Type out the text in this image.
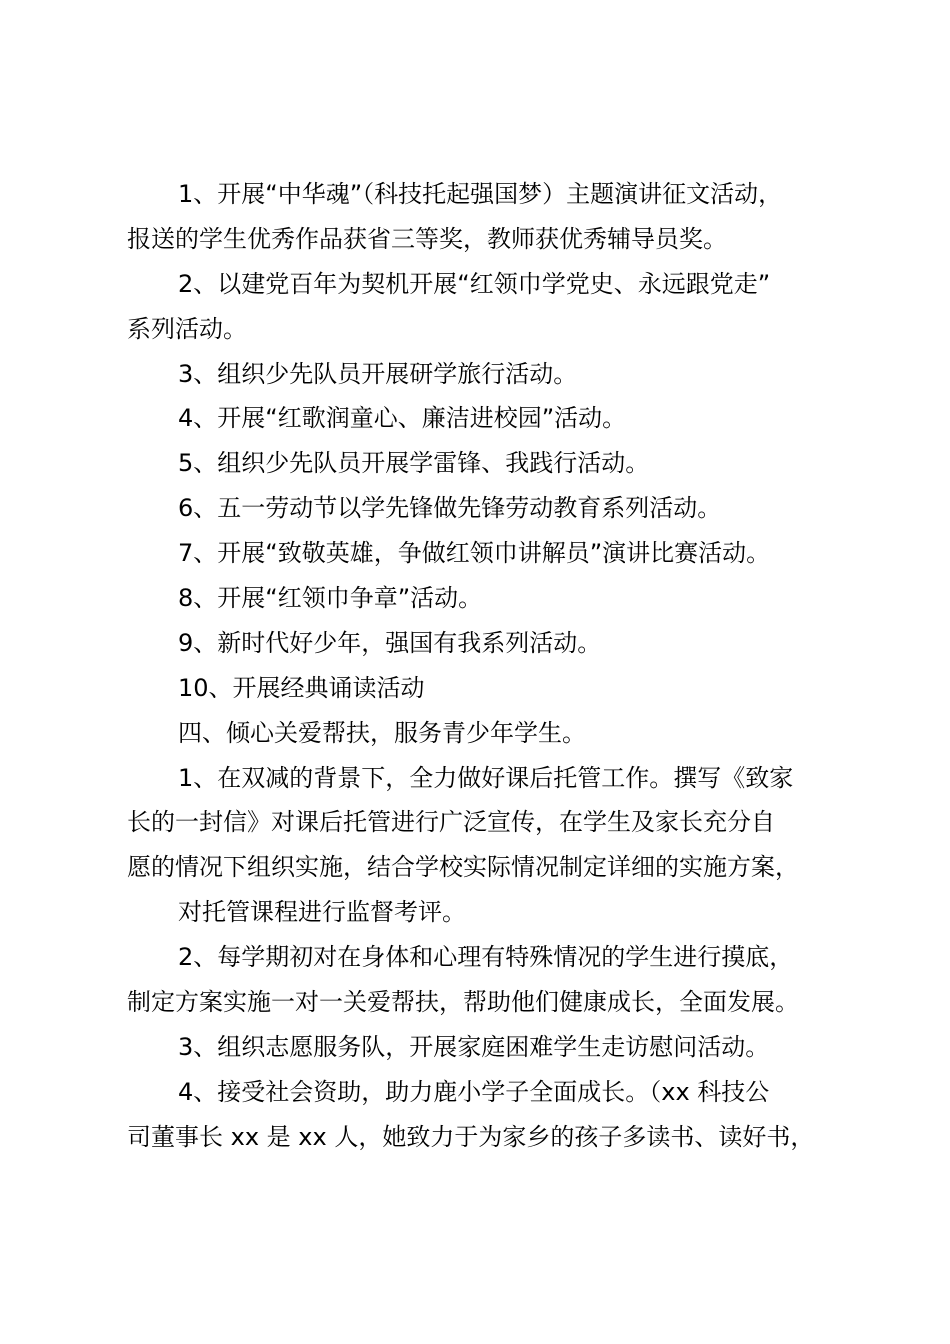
1、开展“中华魂”（科技托起强国梦）主题演讲征文活动，
报送的学生优秀作品获省三等奖，教师获优秀辅导员奖。
2、以建党百年为契机开展“红领巾学党史、永远跟党走”
系列活动。
3、组织少先队员开展研学旅行活动。
4、开展“红歌润童心、廉洁进校园”活动。
5、组织少先队员开展学雷锋、我践行活动。
6、五一劳动节以学先锋做先锋劳动教育系列活动。
7、开展“致敬英雄，争做红领巾讲解员”演讲比赛活动。
8、开展“红领巾争章”活动。
9、新时代好少年，强国有我系列活动。
10、开展经典诵读活动
四、倾心关爱帮扶，服务青少年学生。
1、在双减的背景下，全力做好课后托管工作。撰写《致家
长的一封信》对课后托管进行广泛宣传，在学生及家长充分自
愿的情况下组织实施，结合学校实际情况制定详细的实施方案，
对托管课程进行监督考评。
2、每学期初对在身体和心理有特殊情况的学生进行摸底，
制定方案实施一对一关爱帮扶，帮助他们健康成长，全面发展。
3、组织志愿服务队，开展家庭困难学生走访慰问活动。
4、接受社会资助，助力鹿小学子全面成长。（xx 科技公
司董事长 xx 是 xx 人，她致力于为家乡的孩子多读书、读好书，
